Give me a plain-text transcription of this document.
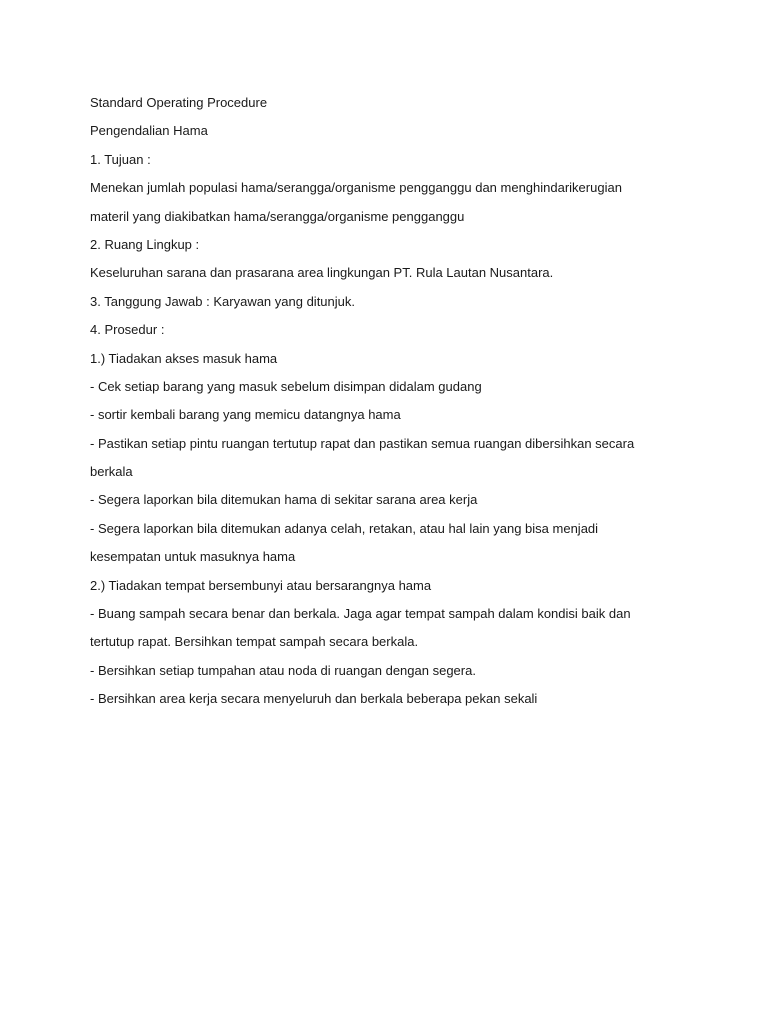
Standard Operating Procedure
Pengendalian Hama
1. Tujuan :
Menekan jumlah populasi hama/serangga/organisme pengganggu dan menghindarikerugian
materil yang diakibatkan hama/serangga/organisme pengganggu
2. Ruang Lingkup :
Keseluruhan sarana dan prasarana area lingkungan PT. Rula Lautan Nusantara.
3. Tanggung Jawab : Karyawan yang ditunjuk.
4. Prosedur :
1.) Tiadakan akses masuk hama
- Cek setiap barang yang masuk sebelum disimpan didalam gudang
- sortir kembali barang yang memicu datangnya hama
- Pastikan setiap pintu ruangan tertutup rapat dan pastikan semua ruangan dibersihkan secara
berkala
- Segera laporkan bila ditemukan hama di sekitar sarana area kerja
- Segera laporkan bila ditemukan adanya celah, retakan, atau hal lain yang bisa menjadi
kesempatan untuk masuknya hama
2.) Tiadakan tempat bersembunyi atau bersarangnya hama
- Buang sampah secara benar dan berkala. Jaga agar tempat sampah dalam kondisi baik dan
tertutup rapat. Bersihkan tempat sampah secara berkala.
- Bersihkan setiap tumpahan atau noda di ruangan dengan segera.
- Bersihkan area kerja secara menyeluruh dan berkala beberapa pekan sekali
